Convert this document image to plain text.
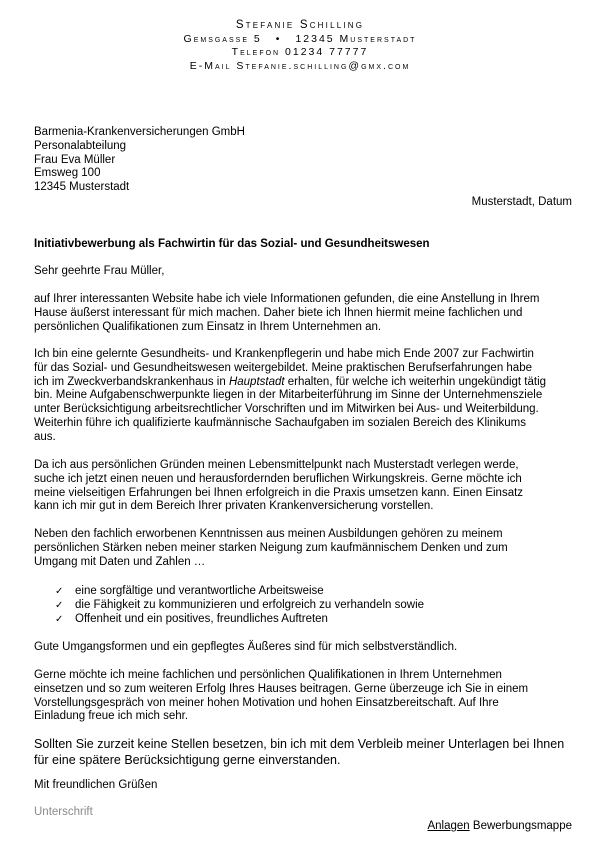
Stefanie Schilling
Gemsgasse 5 • 12345 Musterstadt
Telefon 01234 77777
E-Mail Stefanie.schilling@gmx.com
Barmenia-Krankenversicherungen GmbH
Personalabteilung
Frau Eva Müller
Emsweg 100
12345 Musterstadt
Musterstadt, Datum
Initiativbewerbung als Fachwirtin für das Sozial- und Gesundheitswesen
Sehr geehrte Frau Müller,
auf Ihrer interessanten Website habe ich viele Informationen gefunden, die eine Anstellung in Ihrem
Hause äußerst interessant für mich machen. Daher biete ich Ihnen hiermit meine fachlichen und
persönlichen Qualifikationen zum Einsatz in Ihrem Unternehmen an.
Ich bin eine gelernte Gesundheits- und Krankenpflegerin und habe mich Ende 2007 zur Fachwirtin
für das Sozial- und Gesundheitswesen weitergebildet. Meine praktischen Berufserfahrungen habe
ich im Zweckverbandskrankenhaus in Hauptstadt erhalten, für welche ich weiterhin ungekündigt tätig
bin. Meine Aufgabenschwerpunkte liegen in der Mitarbeiterführung im Sinne der Unternehmensziele
unter Berücksichtigung arbeitsrechtlicher Vorschriften und im Mitwirken bei Aus- und Weiterbildung.
Weiterhin führe ich qualifizierte kaufmännische Sachaufgaben im sozialen Bereich des Klinikums
aus.
Da ich aus persönlichen Gründen meinen Lebensmittelpunkt nach Musterstadt verlegen werde,
suche ich jetzt einen neuen und herausfordernden beruflichen Wirkungskreis. Gerne möchte ich
meine vielseitigen Erfahrungen bei Ihnen erfolgreich in die Praxis umsetzen kann. Einen Einsatz
kann ich mir gut in dem Bereich Ihrer privaten Krankenversicherung vorstellen.
Neben den fachlich erworbenen Kenntnissen aus meinen Ausbildungen gehören zu meinem
persönlichen Stärken neben meiner starken Neigung zum kaufmännischem Denken und zum
Umgang mit Daten und Zahlen …
✓ eine sorgfältige und verantwortliche Arbeitsweise
✓ die Fähigkeit zu kommunizieren und erfolgreich zu verhandeln sowie
✓ Offenheit und ein positives, freundliches Auftreten
Gute Umgangsformen und ein gepflegtes Äußeres sind für mich selbstverständlich.
Gerne möchte ich meine fachlichen und persönlichen Qualifikationen in Ihrem Unternehmen
einsetzen und so zum weiteren Erfolg Ihres Hauses beitragen. Gerne überzeuge ich Sie in einem
Vorstellungsgespräch von meiner hohen Motivation und hohen Einsatzbereitschaft. Auf Ihre
Einladung freue ich mich sehr.
Sollten Sie zurzeit keine Stellen besetzen, bin ich mit dem Verbleib meiner Unterlagen bei Ihnen
für eine spätere Berücksichtigung gerne einverstanden.
Mit freundlichen Grüßen
Unterschrift
Anlagen Bewerbungsmappe
